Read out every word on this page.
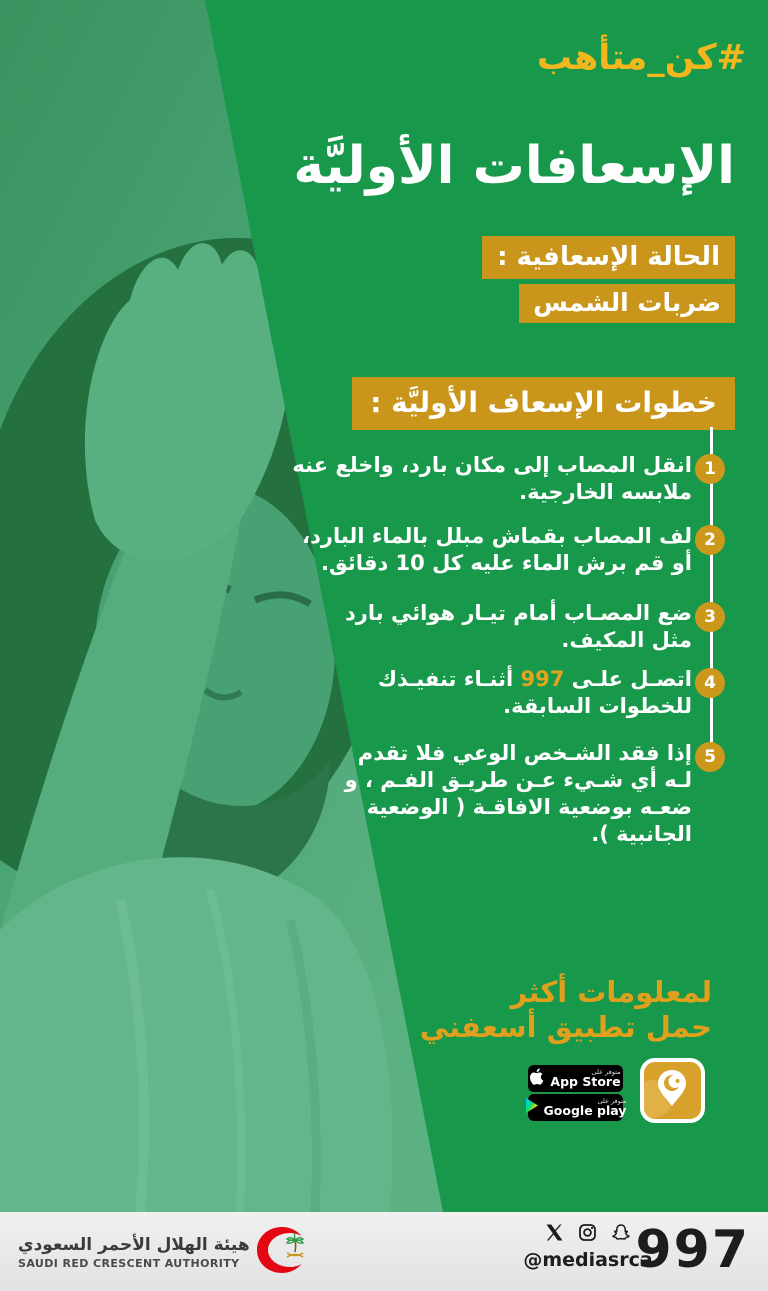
#كن_متأهب
الإسعافات الأوليَّة
الحالة الإسعافية :
ضربات الشمس
خطوات الإسعاف الأوليَّة :
1
انقل المصاب إلى مكان بارد، واخلع عنه
ملابسه الخارجية.
2
لف المصاب بقماش مبلل بالماء البارد،
أو قم برش الماء عليه كل 10 دقائق.
3
ضع المصـاب أمام تيـار هوائي بارد
مثل المكيف.
4
اتصـل علـى 997 أثنـاء تنفيـذك
للخطوات السابقة.
5
إذا فقد الشـخص الوعي فلا تقدم
لـه أي شـيء عـن طريـق الفـم ، و
ضعـه بوضعية الافاقـة ( الوضعية
الجانبية ).
لمعلومات أكثر
حمل تطبيق أسعفني
متوفر على
App Store
متوفر على
Google play
هيئة الهلال الأحمر السعودي
SAUDI RED CRESCENT AUTHORITY	@mediasrca
997
